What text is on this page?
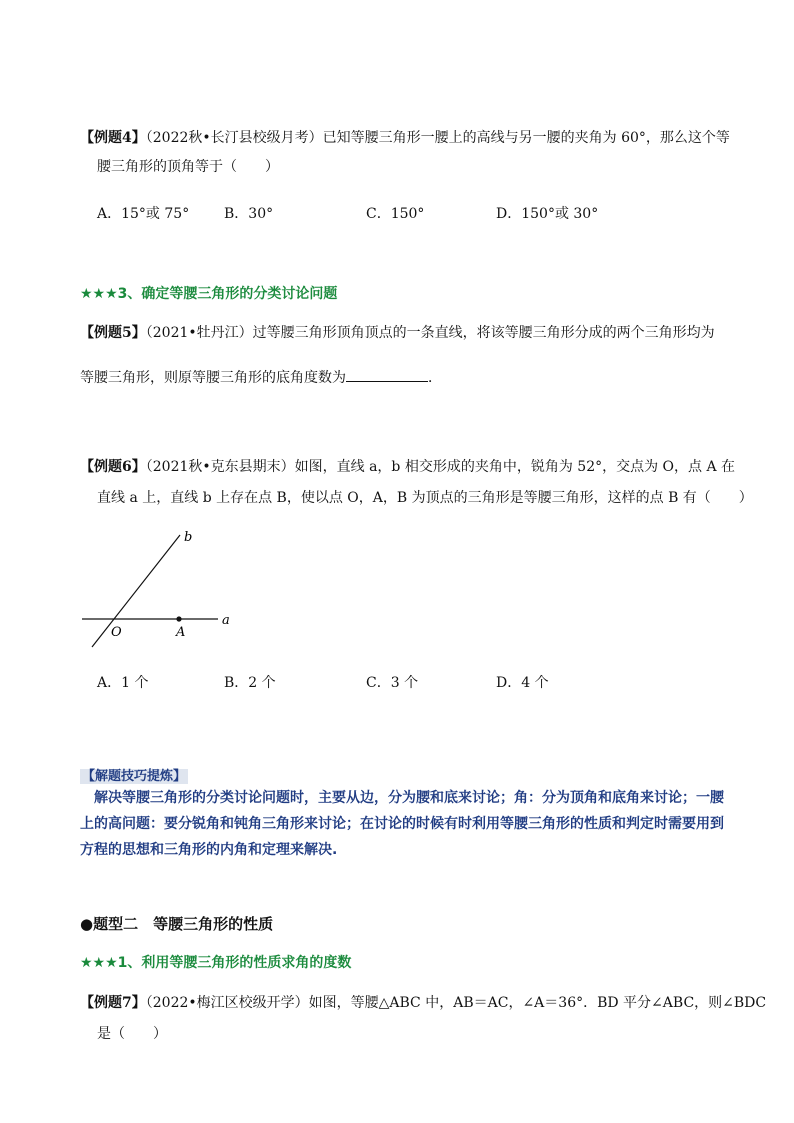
【例题4】（2022秋•长汀县校级月考）已知等腰三角形一腰上的高线与另一腰的夹角为 60°，那么这个等
腰三角形的顶角等于（　　）
A．15°或 75° B．30°	C．150°	D．150°或 30°
★★★3、确定等腰三角形的分类讨论问题
【例题5】（2021•牡丹江）过等腰三角形顶角顶点的一条直线，将该等腰三角形分成的两个三角形均为
等腰三角形，则原等腰三角形的底角度数为	．
【例题6】（2021秋•克东县期末）如图，直线 a，b 相交形成的夹角中，锐角为 52°，交点为 O，点 A 在
直线 a 上，直线 b 上存在点 B，使以点 O，A，B 为顶点的三角形是等腰三角形，这样的点 B 有（　　）
b
a
O	A
A．1 个	B．2 个	C．3 个	D．4 个
【解题技巧提炼】
　解决等腰三角形的分类讨论问题时，主要从边，分为腰和底来讨论；角：分为顶角和底角来讨论；一腰
上的高问题：要分锐角和钝角三角形来讨论；在讨论的时候有时利用等腰三角形的性质和判定时需要用到
方程的思想和三角形的内角和定理来解决.
●题型二　等腰三角形的性质
★★★1、利用等腰三角形的性质求角的度数
【例题7】（2022•梅江区校级开学）如图，等腰△ABC 中，AB＝AC，∠A＝36°．BD 平分∠ABC，则∠BDC
是（　　）
